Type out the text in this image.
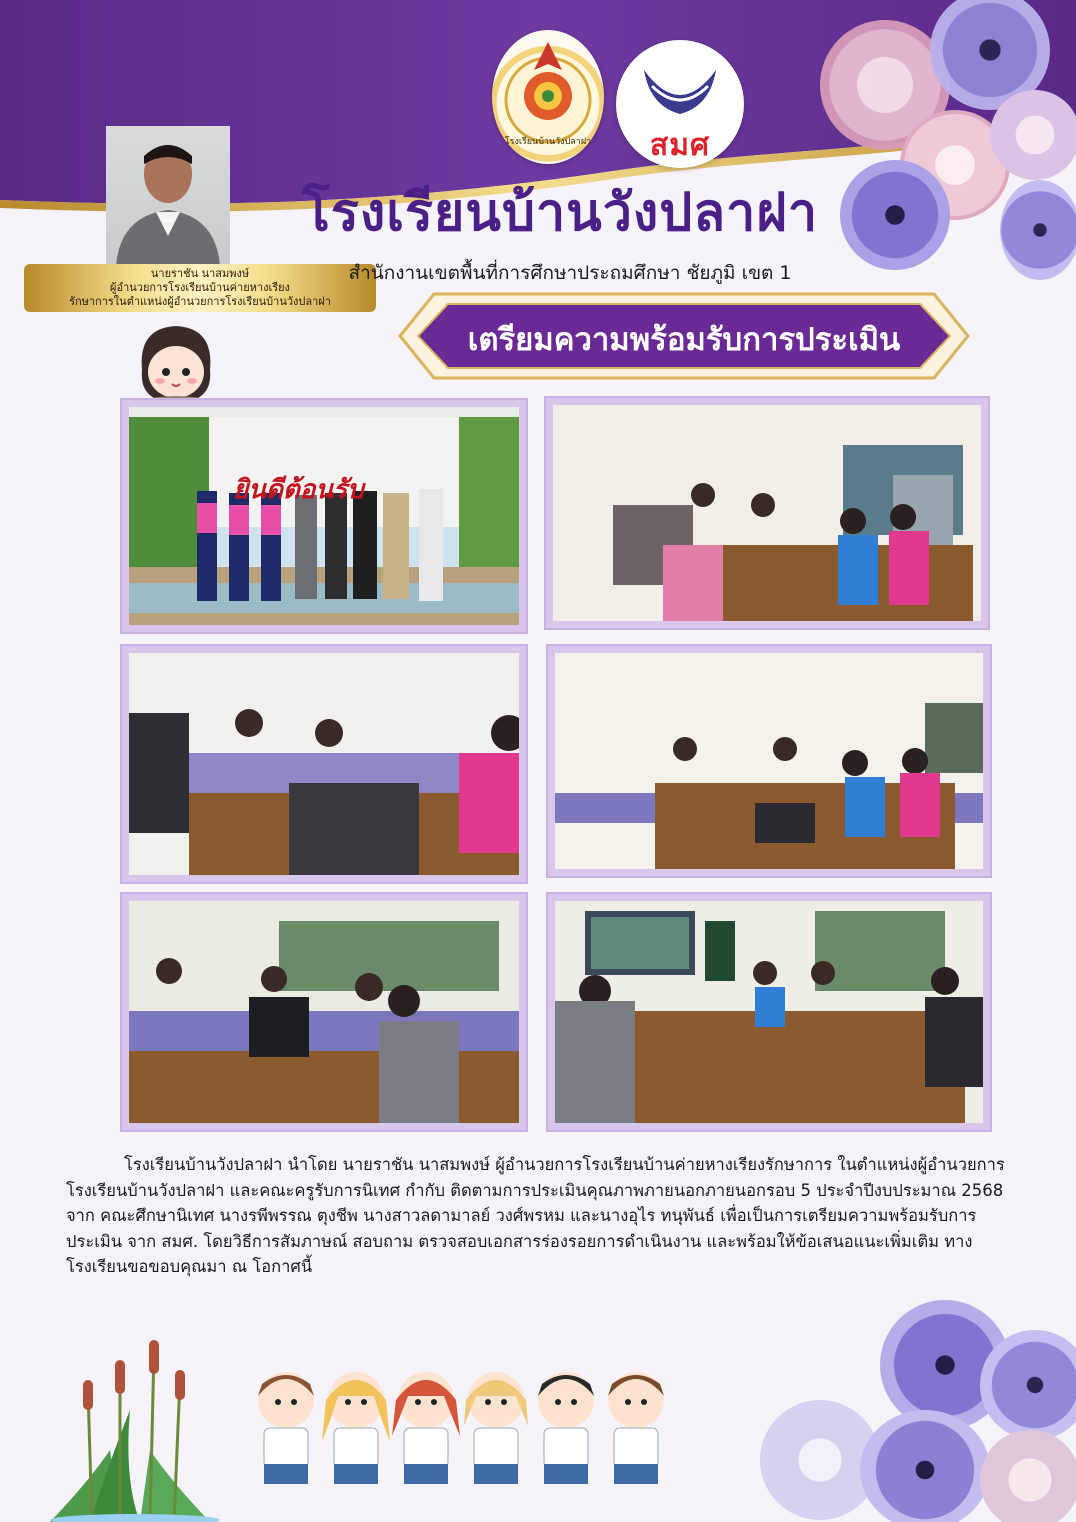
โรงเรียนบ้านวังปลาฝา	สมศ
นายราชัน นาสมพงษ์
ผู้อำนวยการโรงเรียนบ้านค่ายหางเรียง
รักษาการในตำแหน่งผู้อำนวยการโรงเรียนบ้านวังปลาฝา
โรงเรียนบ้านวังปลาฝา
สำนักงานเขตพื้นที่การศึกษาประถมศึกษา ชัยภูมิ เขต 1
เตรียมความพร้อมรับการประเมิน
ยินดีต้อนรับ
โรงเรียนบ้านวังปลาฝา นำโดย นายราชัน นาสมพงษ์ ผู้อำนวยการโรงเรียนบ้านค่ายหางเรียงรักษาการ ในตำแหน่งผู้อำนวยการโรงเรียนบ้านวังปลาฝา และคณะครูรับการนิเทศ กำกับ ติดตามการประเมินคุณภาพภายนอกภายนอกรอบ 5 ประจำปีงบประมาณ 2568 จาก คณะศึกษานิเทศ นางรพีพรรณ ตุงชีพ นางสาวลดามาลย์ วงศ์พรหม และนางอุไร ทนุพันธ์ เพื่อเป็นการเตรียมความพร้อมรับการประเมิน จาก สมศ. โดยวิธีการสัมภาษณ์ สอบถาม ตรวจสอบเอกสารร่องรอยการดำเนินงาน และพร้อมให้ข้อเสนอแนะเพิ่มเติม ทางโรงเรียนขอขอบคุณมา ณ โอกาศนี้
